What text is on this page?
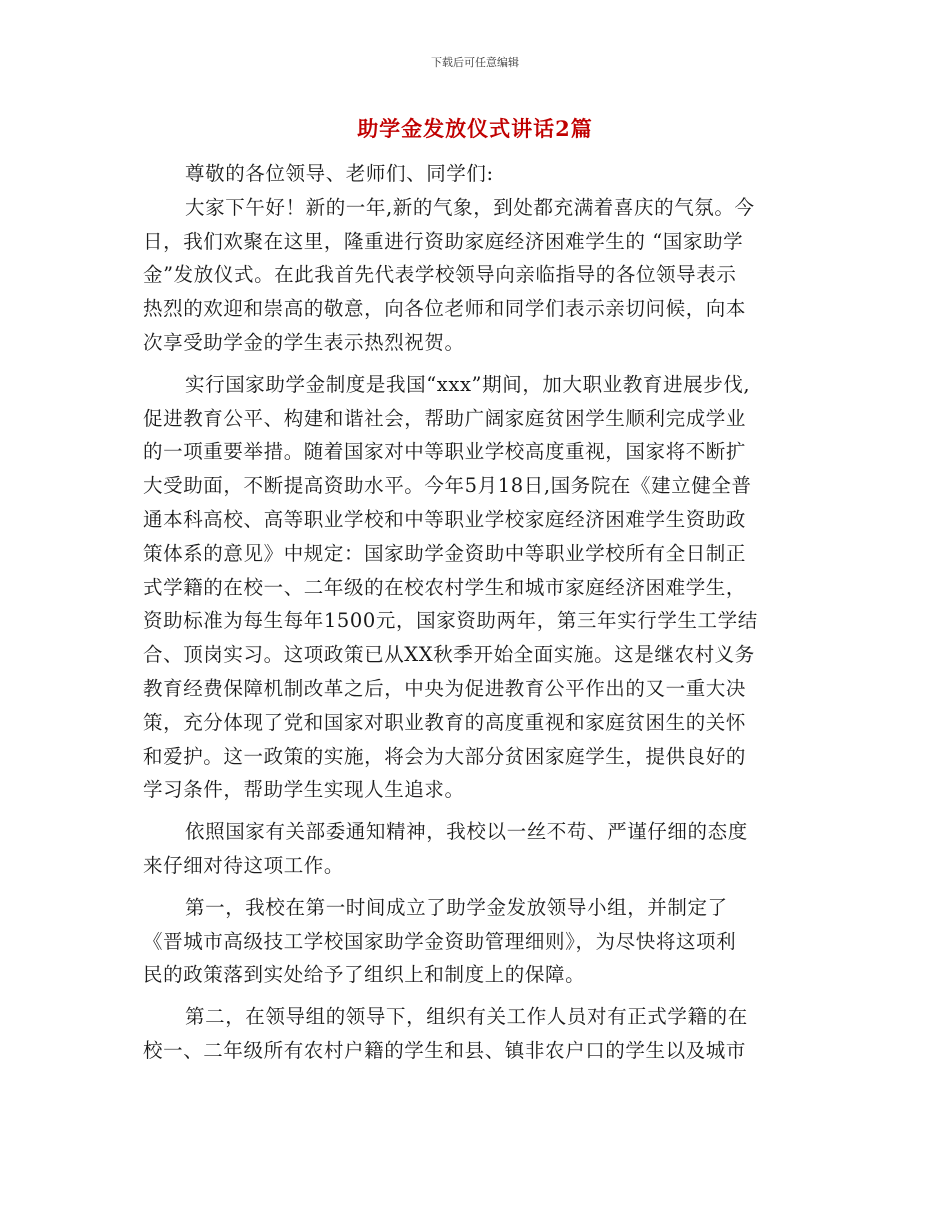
下载后可任意编辑
助学金发放仪式讲话2篇
尊敬的各位领导、老师们、同学们:
大家下午好！新的一年,新的气象，到处都充满着喜庆的气氛。今
日，我们欢聚在这里，隆重进行资助家庭经济困难学生的 “国家助学
金”发放仪式。在此我首先代表学校领导向亲临指导的各位领导表示
热烈的欢迎和崇高的敬意，向各位老师和同学们表示亲切问候，向本
次享受助学金的学生表示热烈祝贺。
实行国家助学金制度是我国“xxx”期间，加大职业教育进展步伐,
促进教育公平、构建和谐社会，帮助广阔家庭贫困学生顺利完成学业
的一项重要举措。随着国家对中等职业学校高度重视，国家将不断扩
大受助面，不断提高资助水平。今年5月18日,国务院在《建立健全普
通本科高校、高等职业学校和中等职业学校家庭经济困难学生资助政
策体系的意见》中规定：国家助学金资助中等职业学校所有全日制正
式学籍的在校一、二年级的在校农村学生和城市家庭经济困难学生，
资助标准为每生每年1500元，国家资助两年，第三年实行学生工学结
合、顶岗实习。这项政策已从XX秋季开始全面实施。这是继农村义务
教育经费保障机制改革之后，中央为促进教育公平作出的又一重大决
策，充分体现了党和国家对职业教育的高度重视和家庭贫困生的关怀
和爱护。这一政策的实施，将会为大部分贫困家庭学生，提供良好的
学习条件，帮助学生实现人生追求。
依照国家有关部委通知精神，我校以一丝不苟、严谨仔细的态度
来仔细对待这项工作。
第一，我校在第一时间成立了助学金发放领导小组，并制定了
《晋城市高级技工学校国家助学金资助管理细则》，为尽快将这项利
民的政策落到实处给予了组织上和制度上的保障。
第二，在领导组的领导下，组织有关工作人员对有正式学籍的在
校一、二年级所有农村户籍的学生和县、镇非农户口的学生以及城市
